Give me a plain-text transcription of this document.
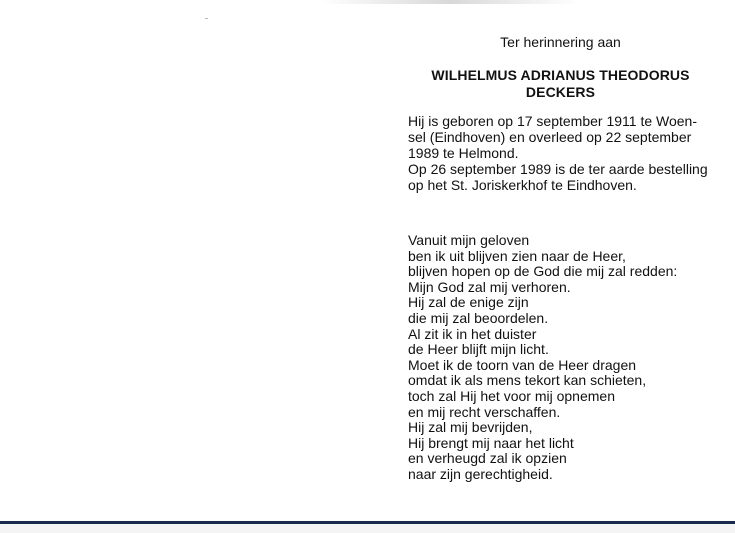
Ter herinnering aan
WILHELMUS ADRIANUS THEODORUS
DECKERS
Hij is geboren op 17 september 1911 te Woen-
sel (Eindhoven) en overleed op 22 september
1989 te Helmond.
Op 26 september 1989 is de ter aarde bestelling
op het St. Joriskerkhof te Eindhoven.
Vanuit mijn geloven
ben ik uit blijven zien naar de Heer,
blijven hopen op de God die mij zal redden:
Mijn God zal mij verhoren.
Hij zal de enige zijn
die mij zal beoordelen.
Al zit ik in het duister
de Heer blijft mijn licht.
Moet ik de toorn van de Heer dragen
omdat ik als mens tekort kan schieten,
toch zal Hij het voor mij opnemen
en mij recht verschaffen.
Hij zal mij bevrijden,
Hij brengt mij naar het licht
en verheugd zal ik opzien
naar zijn gerechtigheid.
